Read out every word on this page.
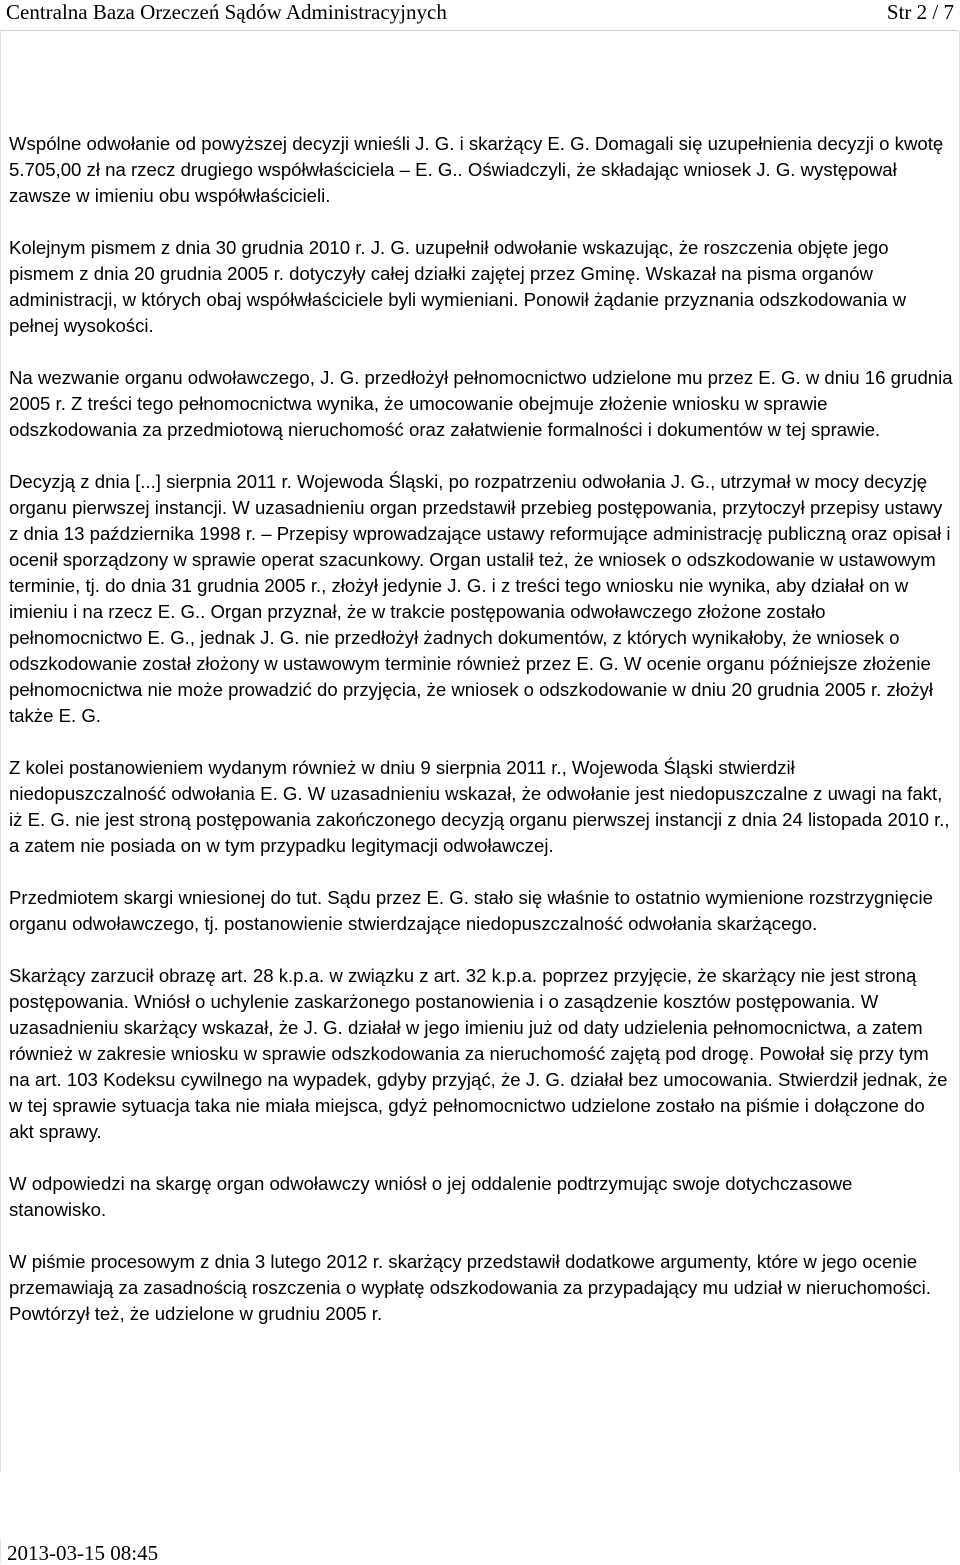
Centralna Baza Orzeczeń Sądów Administracyjnych	Str 2 / 7

Wspólne odwołanie od powyższej decyzji wnieśli J. G. i skarżący E. G. Domagali się uzupełnienia decyzji o kwotę 5.705,00 zł na rzecz drugiego współwłaściciela – E. G.. Oświadczyli, że składając wniosek J. G. występował zawsze w imieniu obu współwłaścicieli.

Kolejnym pismem z dnia 30 grudnia 2010 r. J. G. uzupełnił odwołanie wskazując, że roszczenia objęte jego pismem z dnia 20 grudnia 2005 r. dotyczyły całej działki zajętej przez Gminę. Wskazał na pisma organów administracji, w których obaj współwłaściciele byli wymieniani. Ponowił żądanie przyznania odszkodowania w pełnej wysokości.

Na wezwanie organu odwoławczego, J. G. przedłożył pełnomocnictwo udzielone mu przez E. G. w dniu 16 grudnia 2005 r. Z treści tego pełnomocnictwa wynika, że umocowanie obejmuje złożenie wniosku w sprawie odszkodowania za przedmiotową nieruchomość oraz załatwienie formalności i dokumentów w tej sprawie.

Decyzją z dnia [...] sierpnia 2011 r. Wojewoda Śląski, po rozpatrzeniu odwołania J. G., utrzymał w mocy decyzję organu pierwszej instancji. W uzasadnieniu organ przedstawił przebieg postępowania, przytoczył przepisy ustawy z dnia 13 października 1998 r. – Przepisy wprowadzające ustawy reformujące administrację publiczną oraz opisał i ocenił sporządzony w sprawie operat szacunkowy. Organ ustalił też, że wniosek o odszkodowanie w ustawowym terminie, tj. do dnia 31 grudnia 2005 r., złożył jedynie J. G. i z treści tego wniosku nie wynika, aby działał on w imieniu i na rzecz E. G.. Organ przyznał, że w trakcie postępowania odwoławczego złożone zostało pełnomocnictwo E. G., jednak J. G. nie przedłożył żadnych dokumentów, z których wynikałoby, że wniosek o odszkodowanie został złożony w ustawowym terminie również przez E. G. W ocenie organu późniejsze złożenie pełnomocnictwa nie może prowadzić do przyjęcia, że wniosek o odszkodowanie w dniu 20 grudnia 2005 r. złożył także E. G.

Z kolei postanowieniem wydanym również w dniu 9 sierpnia 2011 r., Wojewoda Śląski stwierdził niedopuszczalność odwołania E. G. W uzasadnieniu wskazał, że odwołanie jest niedopuszczalne z uwagi na fakt, iż E. G. nie jest stroną postępowania zakończonego decyzją organu pierwszej instancji z dnia 24 listopada 2010 r., a zatem nie posiada on w tym przypadku legitymacji odwoławczej.

Przedmiotem skargi wniesionej do tut. Sądu przez E. G. stało się właśnie to ostatnio wymienione rozstrzygnięcie organu odwoławczego, tj. postanowienie stwierdzające niedopuszczalność odwołania skarżącego.

Skarżący zarzucił obrazę art. 28 k.p.a. w związku z art. 32 k.p.a. poprzez przyjęcie, że skarżący nie jest stroną postępowania. Wniósł o uchylenie zaskarżonego postanowienia i o zasądzenie kosztów postępowania. W uzasadnieniu skarżący wskazał, że J. G. działał w jego imieniu już od daty udzielenia pełnomocnictwa, a zatem również w zakresie wniosku w sprawie odszkodowania za nieruchomość zajętą pod drogę. Powołał się przy tym na art. 103 Kodeksu cywilnego na wypadek, gdyby przyjąć, że J. G. działał bez umocowania. Stwierdził jednak, że w tej sprawie sytuacja taka nie miała miejsca, gdyż pełnomocnictwo udzielone zostało na piśmie i dołączone do akt sprawy.

W odpowiedzi na skargę organ odwoławczy wniósł o jej oddalenie podtrzymując swoje dotychczasowe stanowisko.

W piśmie procesowym z dnia 3 lutego 2012 r. skarżący przedstawił dodatkowe argumenty, które w jego ocenie przemawiają za zasadnością roszczenia o wypłatę odszkodowania za przypadający mu udział w nieruchomości. Powtórzył też, że udzielone w grudniu 2005 r.

2013-03-15 08:45
